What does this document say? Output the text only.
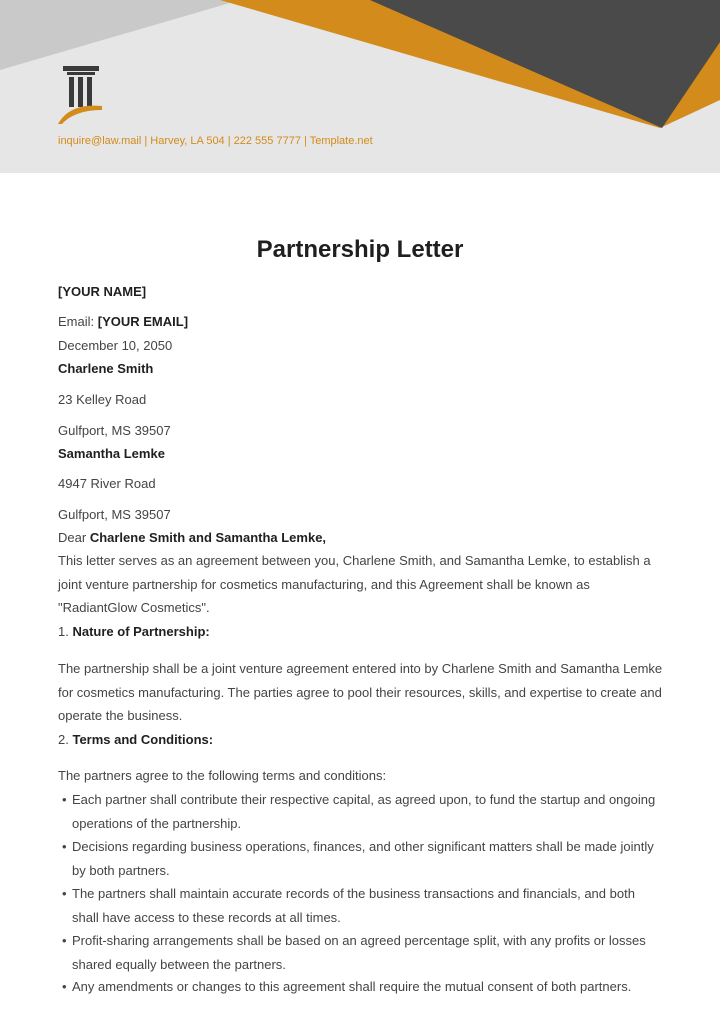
inquire@law.mail | Harvey, LA 504 | 222 555 7777 | Template.net
Partnership Letter
[YOUR NAME]
Email: [YOUR EMAIL]
December 10, 2050
Charlene Smith
23 Kelley Road
Gulfport, MS 39507
Samantha Lemke
4947 River Road
Gulfport, MS 39507
Dear Charlene Smith and Samantha Lemke,
This letter serves as an agreement between you, Charlene Smith, and Samantha Lemke, to establish a joint venture partnership for cosmetics manufacturing, and this Agreement shall be known as "RadiantGlow Cosmetics".
1. Nature of Partnership:
The partnership shall be a joint venture agreement entered into by Charlene Smith and Samantha Lemke for cosmetics manufacturing. The parties agree to pool their resources, skills, and expertise to create and operate the business.
2. Terms and Conditions:
The partners agree to the following terms and conditions:
• Each partner shall contribute their respective capital, as agreed upon, to fund the startup and ongoing operations of the partnership.
• Decisions regarding business operations, finances, and other significant matters shall be made jointly by both partners.
• The partners shall maintain accurate records of the business transactions and financials, and both shall have access to these records at all times.
• Profit-sharing arrangements shall be based on an agreed percentage split, with any profits or losses shared equally between the partners.
• Any amendments or changes to this agreement shall require the mutual consent of both partners.
